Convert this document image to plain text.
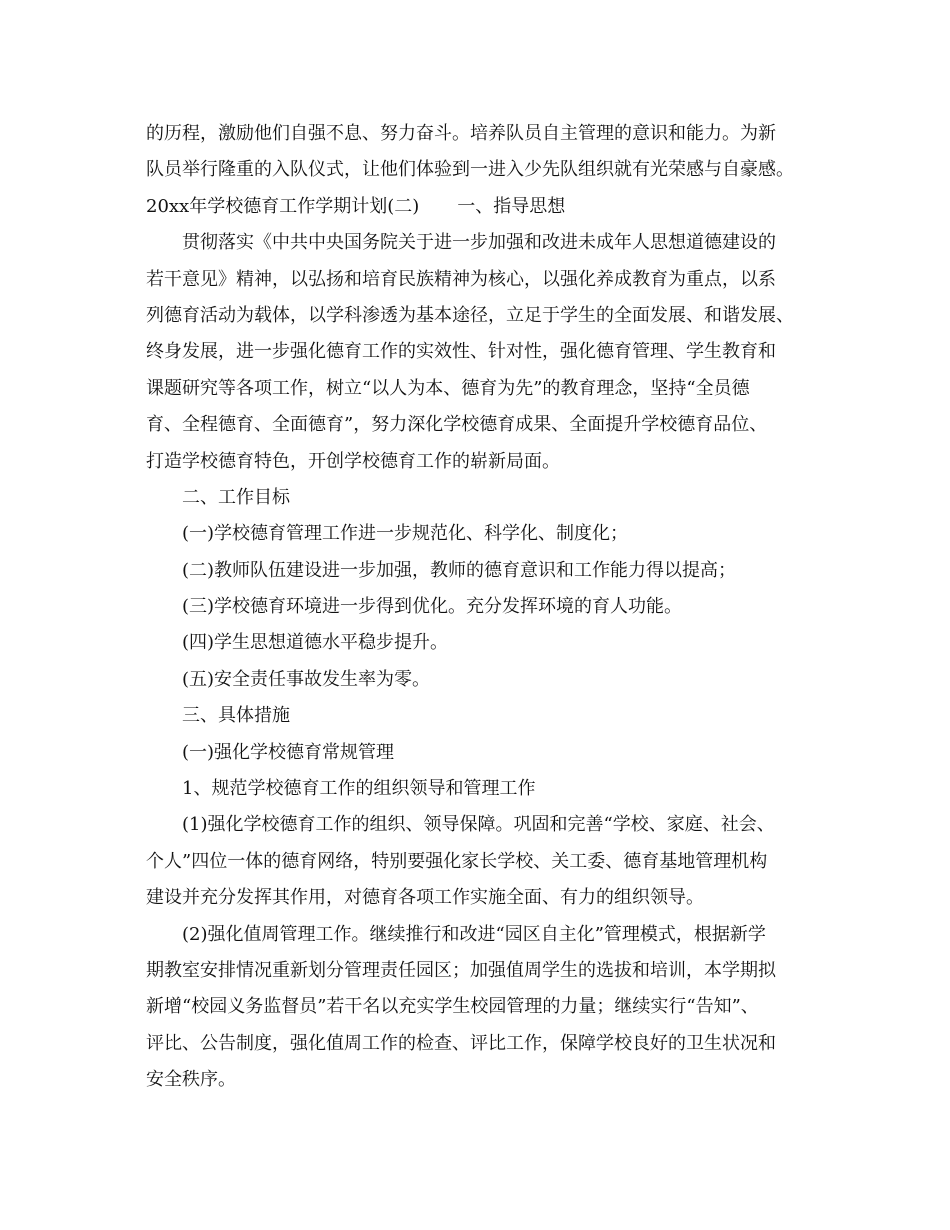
的历程，激励他们自强不息、努力奋斗。培养队员自主管理的意识和能力。为新

队员举行隆重的入队仪式，让他们体验到一进入少先队组织就有光荣感与自豪感。

20xx年学校德育工作学期计划(二) 一、指导思想

贯彻落实《中共中央国务院关于进一步加强和改进未成年人思想道德建设的

若干意见》精神，以弘扬和培育民族精神为核心，以强化养成教育为重点，以系

列德育活动为载体，以学科渗透为基本途径，立足于学生的全面发展、和谐发展、

终身发展，进一步强化德育工作的实效性、针对性，强化德育管理、学生教育和

课题研究等各项工作，树立“以人为本、德育为先”的教育理念，坚持“全员德

育、全程德育、全面德育”，努力深化学校德育成果、全面提升学校德育品位、

打造学校德育特色，开创学校德育工作的崭新局面。

二、工作目标

(一)学校德育管理工作进一步规范化、科学化、制度化；

(二)教师队伍建设进一步加强，教师的德育意识和工作能力得以提高；

(三)学校德育环境进一步得到优化。充分发挥环境的育人功能。

(四)学生思想道德水平稳步提升。

(五)安全责任事故发生率为零。

三、具体措施

(一)强化学校德育常规管理

1、规范学校德育工作的组织领导和管理工作

(1)强化学校德育工作的组织、领导保障。巩固和完善“学校、家庭、社会、

个人”四位一体的德育网络，特别要强化家长学校、关工委、德育基地管理机构

建设并充分发挥其作用，对德育各项工作实施全面、有力的组织领导。

(2)强化值周管理工作。继续推行和改进“园区自主化”管理模式，根据新学

期教室安排情况重新划分管理责任园区；加强值周学生的选拔和培训，本学期拟

新增“校园义务监督员”若干名以充实学生校园管理的力量；继续实行“告知”、

评比、公告制度，强化值周工作的检查、评比工作，保障学校良好的卫生状况和

安全秩序。
